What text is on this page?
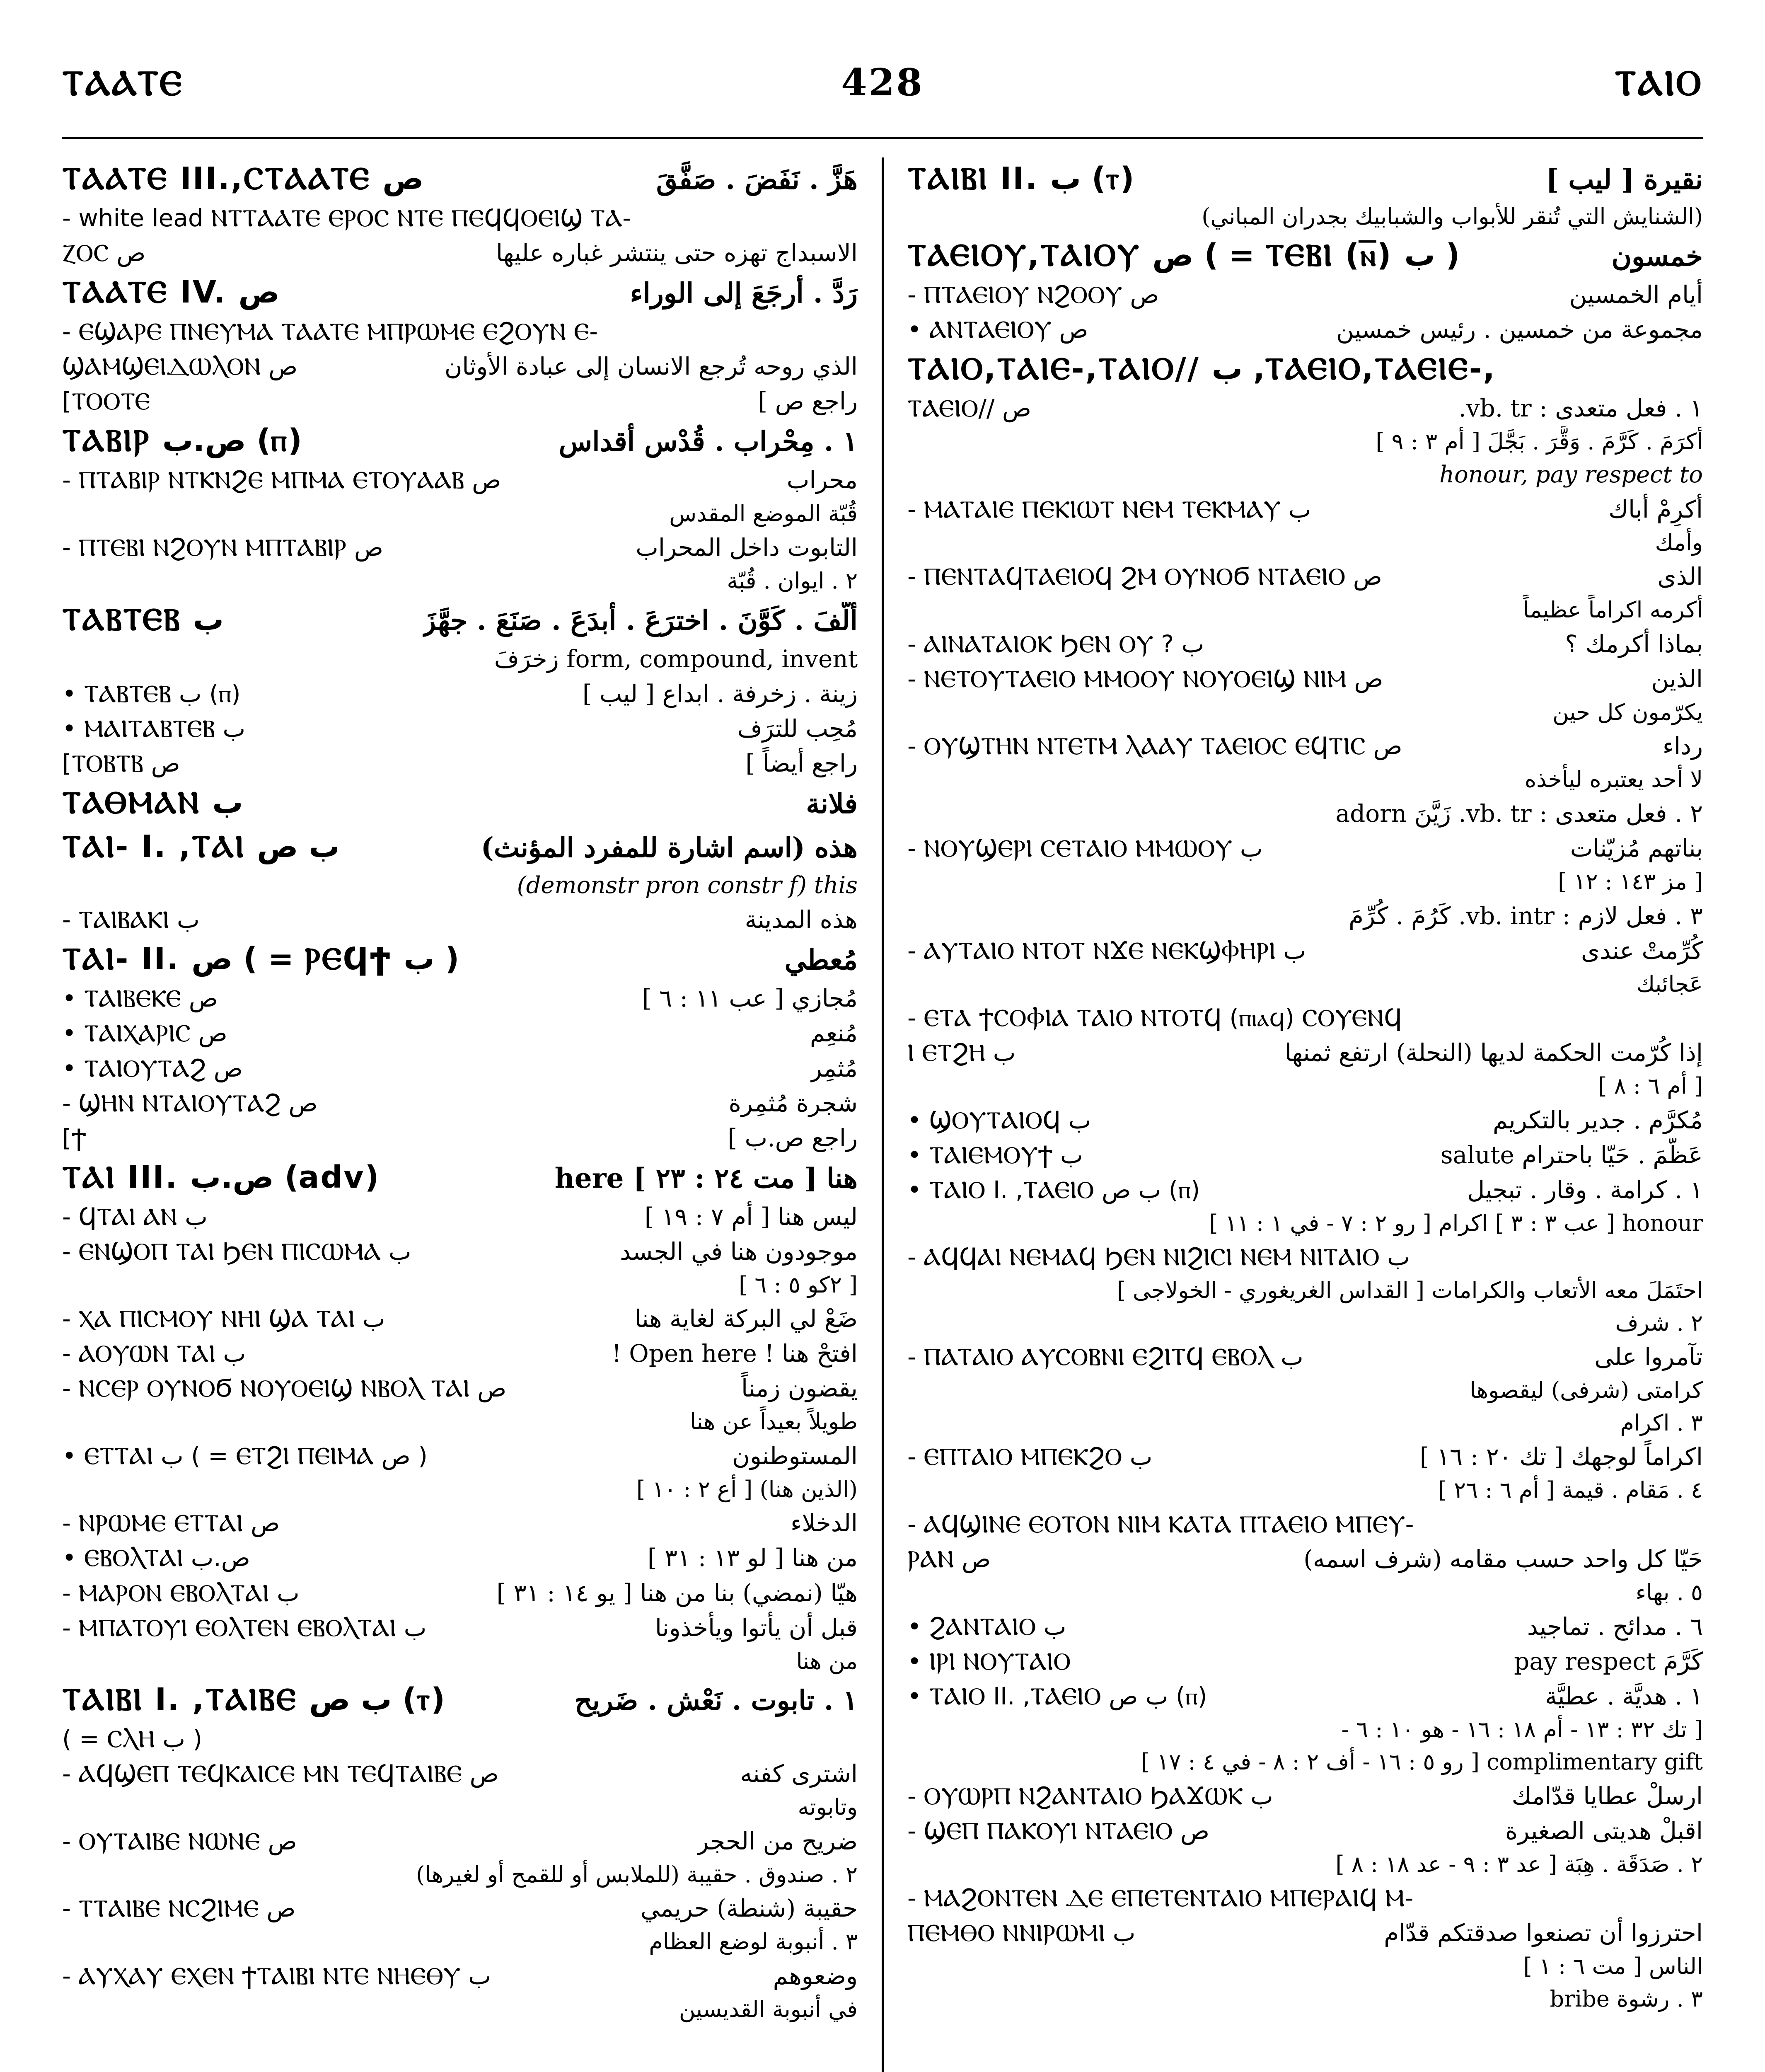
ⲦⲀⲀⲦⲈ	428	ⲦⲀⲒⲞ
ⲦⲀⲀⲦⲈ III.,ⲤⲦⲀⲀⲦⲈ ص	هَزَّ . نَفَضَ . صَفَّقَ
- white lead ⲚⲦⲦⲀⲀⲦⲈ ⲈⲢⲞⲤ ⲚⲦⲈ ⲠⲈϤϤⲞⲈⲒϢ ⲦⲀ-
ⲌⲞⲤ ص	الاسبداج تهزه حتى ينتشر غباره عليها
ⲦⲀⲀⲦⲈ IV. ص	رَدَّ . أرجَعَ إلى الوراء
- ⲈϢⲀⲢⲈ ⲠⲚⲈⲨⲘⲀ ⲦⲀⲀⲦⲈ ⲘⲠⲢⲰⲘⲈ ⲈϨⲞⲨⲚ Ⲉ-
ϢⲀⲘϢⲈⲒⲆⲰⲖⲞⲚ ص	الذي روحه تُرجع الانسان إلى عبادة الأوثان
[ⲦⲞⲞⲦⲈ	راجع ص ]
ⲦⲀⲂⲒⲢ ص.ب (ⲡ)	١ . مِحْراب . قُدْس أقداس
- ⲠⲦⲀⲂⲒⲢ ⲚⲦⲔⲚϨⲈ ⲘⲠⲘⲀ ⲈⲦⲞⲨⲀⲀⲂ ص	محراب
قُبّة الموضع المقدس
- ⲠⲦⲈⲂⲒ ⲚϨⲞⲨⲚ ⲘⲠⲦⲀⲂⲒⲢ ص	التابوت داخل المحراب
٢ . ايوان . قُبّة
ⲦⲀⲂⲦⲈⲂ ب	ألّفَ . كَوَّنَ . اخترَعَ . أبدَعَ . صَنَعَ . جهَّزَ
form, compound, invent زخرَفَ
• ⲦⲀⲂⲦⲈⲂ ب (ⲡ)	زينة . زخرفة . ابداع [ ليب ]
• ⲘⲀⲒⲦⲀⲂⲦⲈⲂ ب	مُحِب للترَف
[ⲦⲞⲂⲦⲂ ص	راجع أيضاً ]
ⲦⲀⲐⲘⲀⲚ ب	فلانة
ⲦⲀⲒ- I. ,ⲦⲀⲒ ب ص	هذه (اسم اشارة للمفرد المؤنث)
(demonstr pron constr f) this
- ⲦⲀⲒⲂⲀⲔⲒ ب	هذه المدينة
ⲦⲀⲒ- II. ص ( = ⲢⲈϤϮ ب )	مُعطي
• ⲦⲀⲒⲂⲈⲔⲈ ص	مُجازي [ عب ١١ : ٦ ]
• ⲦⲀⲒⲬⲀⲢⲒⲤ ص	مُنعِم
• ⲦⲀⲒⲞⲨⲦⲀϨ ص	مُثمِر
- ϢⲎⲚ ⲚⲦⲀⲒⲞⲨⲦⲀϨ ص	شجرة مُثمِرة
[Ϯ	راجع ص.ب ]
ⲦⲀⲒ III. ص.ب (adv)	هنا [ مت ٢٤ : ٢٣ ] here
- ϤⲦⲀⲒ ⲀⲚ ب	ليس هنا [ أم ٧ : ١٩ ]
- ⲈⲚϢⲞⲠ ⲦⲀⲒ ϦⲈⲚ ⲠⲒⲤⲰⲘⲀ ب	موجودون هنا في الجسد
[ ٢كو ٥ : ٦ ]
- ⲬⲀ ⲠⲒⲤⲘⲞⲨ ⲚⲎⲒ ϢⲀ ⲦⲀⲒ ب	ضَعْ لي البركة لغاية هنا
- ⲀⲞⲨⲰⲚ ⲦⲀⲒ ب	افتحْ هنا ! Open here !
- ⲚⲤⲈⲢ ⲞⲨⲚⲞϬ ⲚⲞⲨⲞⲈⲒϢ ⲚⲂⲞⲖ ⲦⲀⲒ ص	يقضون زمناً
طويلاً بعيداً عن هنا
• ⲈⲦⲦⲀⲒ ب ( = ⲈⲦϨⲒ ⲠⲈⲒⲘⲀ ص )	المستوطنون
(الذين هنا) [ أع ٢ : ١٠ ]
- ⲚⲢⲰⲘⲈ ⲈⲦⲦⲀⲒ ص	الدخلاء
• ⲈⲂⲞⲖⲦⲀⲒ ص.ب	من هنا [ لو ١٣ : ٣١ ]
- ⲘⲀⲢⲞⲚ ⲈⲂⲞⲖⲦⲀⲒ ب	هيّا (نمضي) بنا من هنا [ يو ١٤ : ٣١ ]
- ⲘⲠⲀⲦⲞⲨⲒ ⲈⲞⲖⲦⲈⲚ ⲈⲂⲞⲖⲦⲀⲒ ب	قبل أن يأتوا ويأخذونا
من هنا
ⲦⲀⲒⲂⲒ I. ,ⲦⲀⲒⲂⲈ ب ص (ⲧ)	١ . تابوت . نَعْش . ضَريح
( = ⲤⲖⲎ ب )
- ⲀϤϢⲈⲠ ⲦⲈϤⲔⲀⲒⲤⲈ ⲘⲚ ⲦⲈϤⲦⲀⲒⲂⲈ ص	اشترى كفنه
وتابوته
- ⲞⲨⲦⲀⲒⲂⲈ ⲚⲰⲚⲈ ص	ضريح من الحجر
٢ . صندوق . حقيبة (للملابس أو للقمح أو لغيرها)
- ⲦⲦⲀⲒⲂⲈ ⲚⲤϨⲒⲘⲈ ص	حقيبة (شنطة) حريمي
٣ . أنبوبة لوضع العظام
- ⲀⲨⲬⲀⲨ ⲈⲬⲈⲚ ϮⲦⲀⲒⲂⲒ ⲚⲦⲈ ⲚⲎⲈⲐⲨ ب	وضعوهم
في أنبوبة القديسين
ⲦⲀⲒⲂⲒ II. ب (ⲧ)	نقيرة [ ليب ]
(الشنايش التي تُنقر للأبواب والشبابيك بجدران المباني)
ⲦⲀⲈⲒⲞⲨ,ⲦⲀⲒⲞⲨ ص ( = ⲦⲈⲂⲒ (ⲛ̅) ب )	خمسون
- ⲠⲦⲀⲈⲒⲞⲨ ⲚϨⲞⲞⲨ ص	أيام الخمسين
• ⲀⲚⲦⲀⲈⲒⲞⲨ ص	مجموعة من خمسين . رئيس خمسين
ⲦⲀⲒⲞ,ⲦⲀⲒⲈ-,ⲦⲀⲒⲞ// ب ,ⲦⲀⲈⲒⲞ,ⲦⲀⲈⲒⲈ-,
ⲦⲀⲈⲒⲞ// ص	١ . فعل متعدى : vb. tr.
أكرَمَ . كَرَّمَ . وَقَّرَ . بَجَّلَ [ أم ٣ : ٩ ]
honour, pay respect to
- ⲘⲀⲦⲀⲒⲈ ⲠⲈⲔⲒⲰⲦ ⲚⲈⲘ ⲦⲈⲔⲘⲀⲨ ب	أكرِمْ أباك
وأمك
- ⲠⲈⲚⲦⲀϤⲦⲀⲈⲒⲞϤ ϨⲘ ⲞⲨⲚⲞϬ ⲚⲦⲀⲈⲒⲞ ص	الذى
أكرمه اكراماً عظيماً
- ⲀⲒⲚⲀⲦⲀⲒⲞⲔ ϦⲈⲚ ⲞⲨ ? ب	بماذا أُكرمك ؟
- ⲚⲈⲦⲞⲨⲦⲀⲈⲒⲞ ⲘⲘⲞⲞⲨ ⲚⲞⲨⲞⲈⲒϢ ⲚⲒⲘ ص	الذين
يكرّمون كل حين
- ⲞⲨϢⲦⲎⲚ ⲚⲦⲈⲦⲘ ⲖⲀⲀⲨ ⲦⲀⲈⲒⲞⲤ ⲈϤⲦⲒⲤ ص	رداء
لا أحد يعتبره ليأخذه
٢ . فعل متعدى : vb. tr. زَيَّنَ adorn
- ⲚⲞⲨϢⲈⲢⲒ ⲤⲈⲦⲀⲒⲞ ⲘⲘⲰⲞⲨ ب	بناتهم مُزيّنات
[ مز ١٤٣ : ١٢ ]
٣ . فعل لازم : vb. intr. كَرُمَ . كُرِّمَ
- ⲀⲨⲦⲀⲒⲞ ⲚⲦⲞⲦ ⲚϪⲈ ⲚⲈⲔϢⲪⲎⲢⲒ ب	كُرِّمتْ عندى
عَجائبك
- ⲈⲦⲀ ϮⲤⲞⲪⲒⲀ ⲦⲀⲒⲞ ⲚⲦⲞⲦϤ (ⲡⲓⲁϥ) ⲤⲞⲨⲈⲚϤ
Ⲓ ⲈⲦϨⲎ ب	إذا كُرّمت الحكمة لديها (النحلة) ارتفع ثمنها
[ أم ٦ : ٨ ]
• ϢⲞⲨⲦⲀⲒⲞϤ ب	مُكرَّم . جدير بالتكريم
• ⲦⲀⲒⲈⲘⲞⲨϮ ب	عَظَّمَ . حَيّا باحترام salute
• ⲦⲀⲒⲞ I. ,ⲦⲀⲈⲒⲞ ب ص (ⲡ)	١ . كرامة . وقار . تبجيل
honour [ عب ٣ : ٣ ] اكرام [ رو ٢ : ٧ - في ١ : ١١ ]
- ⲀϤϤⲀⲒ ⲚⲈⲘⲀϤ ϦⲈⲚ ⲚⲒϨⲒⲤⲒ ⲚⲈⲘ ⲚⲒⲦⲀⲒⲞ ب
احتَمَلَ معه الأتعاب والكرامات [ القداس الغريغوري - الخولاجى ]
٢ . شرف
- ⲠⲀⲦⲀⲒⲞ ⲀⲨⲤⲞⲂⲚⲒ ⲈϨⲒⲦϤ ⲈⲂⲞⲖ ب	تآمروا على
كرامتى (شرفى) ليقصوها
٣ . اكرام
- ⲈⲠⲦⲀⲒⲞ ⲘⲠⲈⲔϨⲞ ب	اكراماً لوجهك [ تك ٢٠ : ١٦ ]
٤ . مَقام . قيمة [ أم ٦ : ٢٦ ]
- ⲀϤϢⲒⲚⲈ ⲈⲞⲦⲞⲚ ⲚⲒⲘ ⲔⲀⲦⲀ ⲠⲦⲀⲈⲒⲞ ⲘⲠⲈⲨ-
ⲢⲀⲚ ص	حَيّا كل واحد حسب مقامه (شرف اسمه)
٥ . بهاء
• ϨⲀⲚⲦⲀⲒⲞ ب	٦ . مدائح . تماجيد
• ⲒⲢⲒ ⲚⲞⲨⲦⲀⲒⲞ	كَرَّمَ pay respect
• ⲦⲀⲒⲞ II. ,ⲦⲀⲈⲒⲞ ب ص (ⲡ)	١ . هديَّة . عطيَّة
[ تك ٣٢ : ١٣ - أم ١٨ : ١٦ - هو ١٠ : ٦ -
complimentary gift [ رو ٥ : ١٦ - أف ٢ : ٨ - في ٤ : ١٧ ]
- ⲞⲨⲰⲢⲠ ⲚϨⲀⲚⲦⲀⲒⲞ ϦⲀϪⲰⲔ ب	ارسلْ عطايا قدّامك
- ϢⲈⲠ ⲠⲀⲔⲞⲨⲒ ⲚⲦⲀⲈⲒⲞ ص	اقبلْ هديتى الصغيرة
٢ . صَدَقَة . هِبَة [ عد ٣ : ٩ - عد ١٨ : ٨ ]
- ⲘⲀϨⲞⲚⲦⲈⲚ ⲆⲈ ⲈⲠⲈⲦⲈⲚⲦⲀⲒⲞ ⲘⲠⲈⲢⲀⲒϤ Ⲙ-
ⲠⲈⲘⲐⲞ ⲚⲚⲒⲢⲰⲘⲒ ب	احترزوا أن تصنعوا صدقتكم قدّام
الناس [ مت ٦ : ١ ]
٣ . رشوة bribe
